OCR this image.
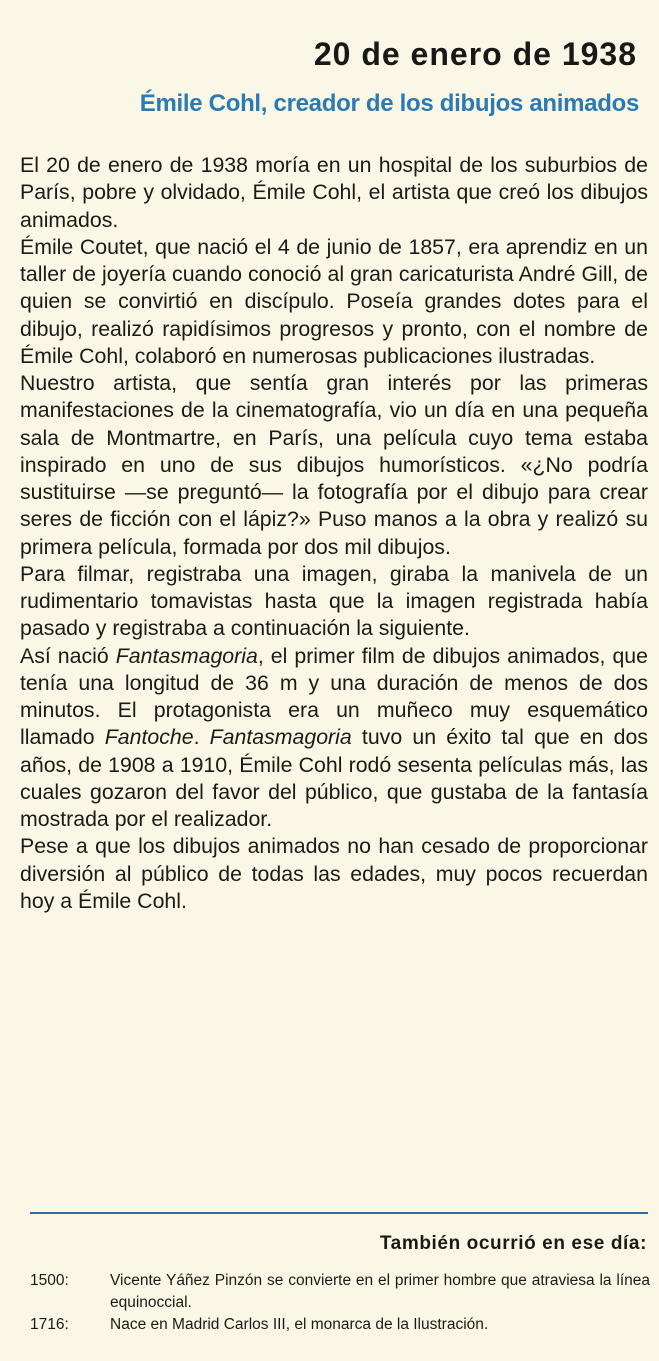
20 de enero de 1938
Émile Cohl, creador de los dibujos animados

El 20 de enero de 1938 moría en un hospital de los suburbios de París, pobre y olvidado, Émile Cohl, el artista que creó los dibujos animados.

Émile Coutet, que nació el 4 de junio de 1857, era aprendiz en un taller de joyería cuando conoció al gran caricaturista André Gill, de quien se convirtió en discípulo. Poseía grandes dotes para el dibujo, realizó rapidísimos progresos y pronto, con el nombre de Émile Cohl, colaboró en numerosas publicaciones ilustradas.

Nuestro artista, que sentía gran interés por las primeras manifestaciones de la cinematografía, vio un día en una pequeña sala de Montmartre, en París, una película cuyo tema estaba inspirado en uno de sus dibujos humorísticos. «¿No podría sustituirse —se preguntó— la fotografía por el dibujo para crear seres de ficción con el lápiz?» Puso manos a la obra y realizó su primera película, formada por dos mil dibujos.

Para filmar, registraba una imagen, giraba la manivela de un rudimentario tomavistas hasta que la imagen registrada había pasado y registraba a continuación la siguiente.

Así nació Fantasmagoria, el primer film de dibujos animados, que tenía una longitud de 36 m y una duración de menos de dos minutos. El protagonista era un muñeco muy esquemático llamado Fantoche. Fantasmagoria tuvo un éxito tal que en dos años, de 1908 a 1910, Émile Cohl rodó sesenta películas más, las cuales gozaron del favor del público, que gustaba de la fantasía mostrada por el realizador.

Pese a que los dibujos animados no han cesado de proporcionar diversión al público de todas las edades, muy pocos recuerdan hoy a Émile Cohl.

También ocurrió en ese día:
1500:	Vicente Yáñez Pinzón se convierte en el primer hombre que atraviesa la línea equinoccial.
1716:	Nace en Madrid Carlos III, el monarca de la Ilustración.
